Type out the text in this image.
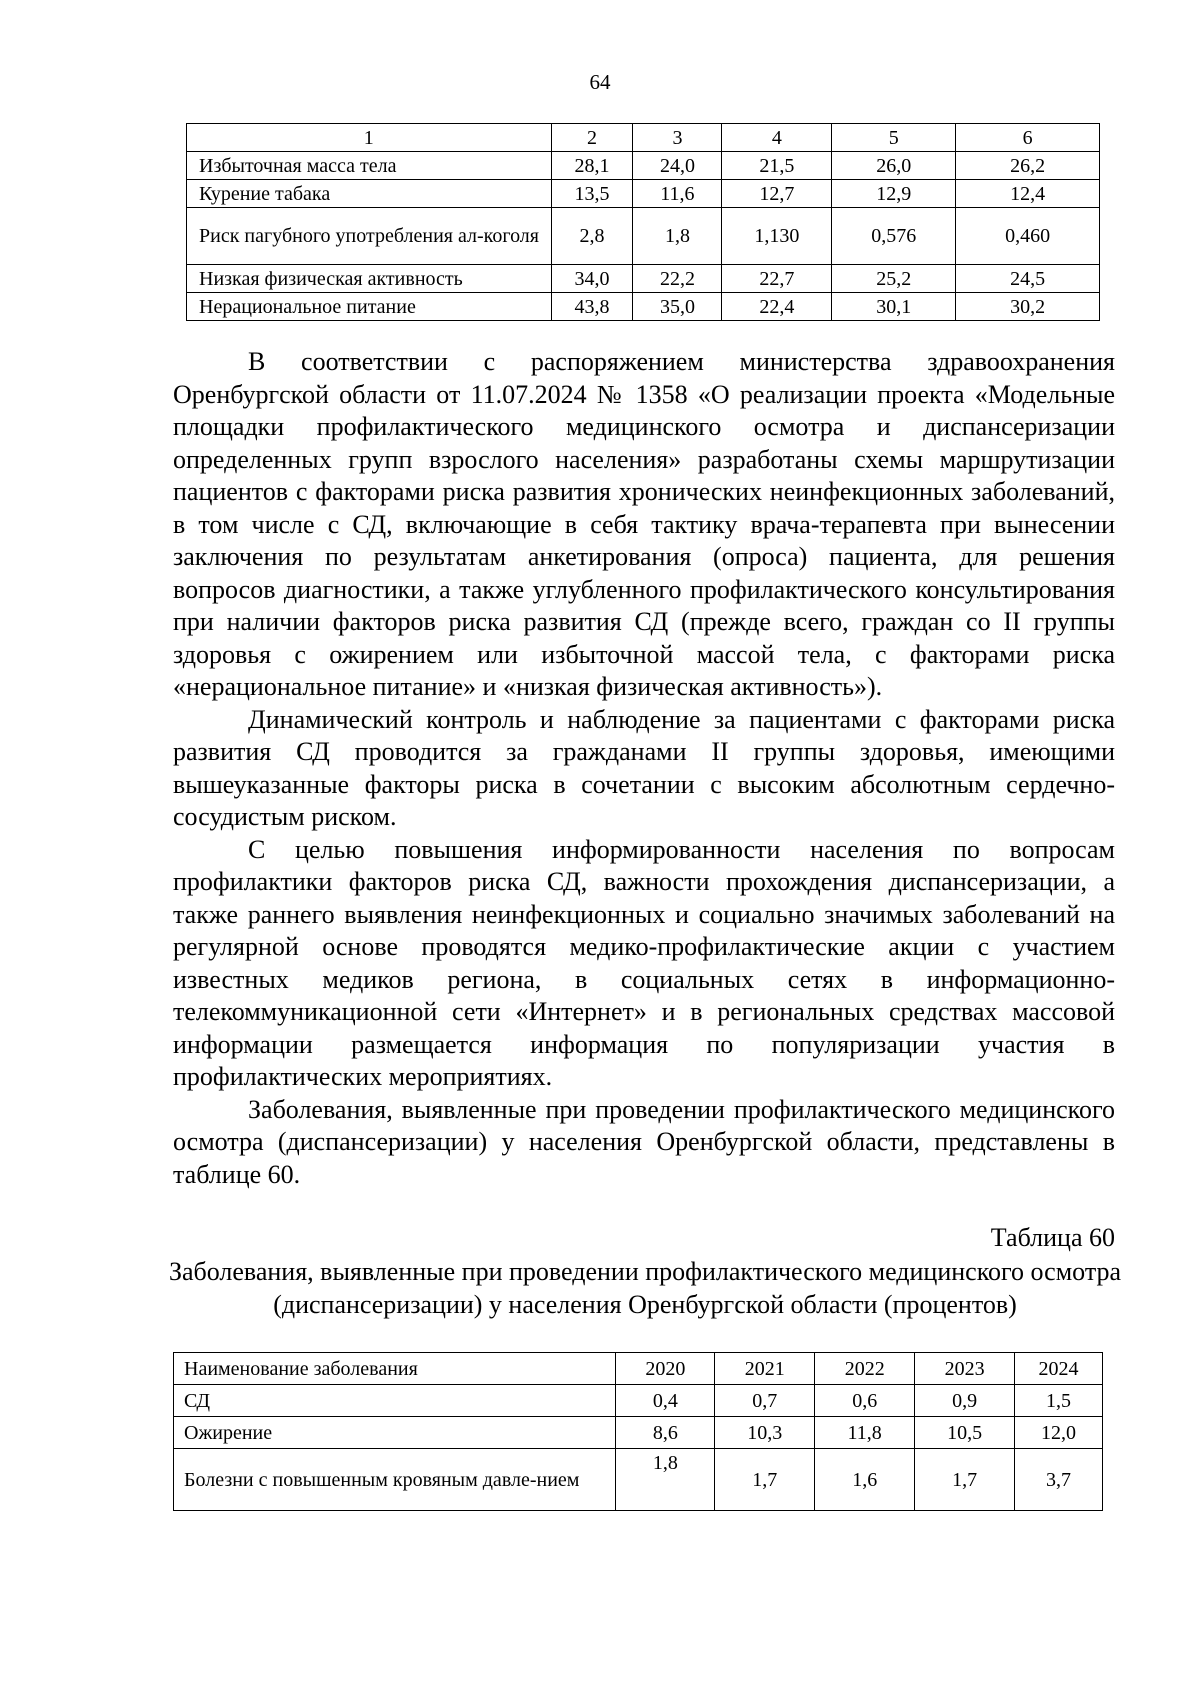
64
1	2	3	4	5	6
Избыточная масса тела	28,1	24,0	21,5	26,0	26,2
Курение табака	13,5	11,6	12,7	12,9	12,4
Риск пагубного употребления ал-коголя	2,8	1,8	1,130	0,576	0,460
Низкая физическая активность	34,0	22,2	22,7	25,2	24,5
Нерациональное питание	43,8	35,0	22,4	30,1	30,2

В соответствии с распоряжением министерства здравоохранения Оренбургской области от 11.07.2024 № 1358 «О реализации проекта «Модельные площадки профилактического медицинского осмотра и диспансеризации определенных групп взрослого населения» разработаны схемы маршрутизации пациентов с факторами риска развития хронических неинфекционных заболеваний, в том числе с СД, включающие в себя тактику врача-терапевта при вынесении заключения по результатам анкетирования (опроса) пациента, для решения вопросов диагностики, а также углубленного профилактического консультирования при наличии факторов риска развития СД (прежде всего, граждан со II группы здоровья с ожирением или избыточной массой тела, с факторами риска «нерациональное питание» и «низкая физическая активность»).

Динамический контроль и наблюдение за пациентами с факторами риска развития СД проводится за гражданами II группы здоровья, имеющими вышеуказанные факторы риска в сочетании с высоким абсолютным сердечно-сосудистым риском.

С целью повышения информированности населения по вопросам профилактики факторов риска СД, важности прохождения диспансеризации, а также раннего выявления неинфекционных и социально значимых заболеваний на регулярной основе проводятся медико-профилактические акции с участием известных медиков региона, в социальных сетях в информационно-телекоммуникационной сети «Интернет» и в региональных средствах массовой информации размещается информация по популяризации участия в профилактических мероприятиях.

Заболевания, выявленные при проведении профилактического медицинского осмотра (диспансеризации) у населения Оренбургской области, представлены в таблице 60.

Таблица 60
Заболевания, выявленные при проведении профилактического медицинского осмотра (диспансеризации) у населения Оренбургской области (процентов)
Наименование заболевания	2020	2021	2022	2023	2024
СД	0,4	0,7	0,6	0,9	1,5
Ожирение	8,6	10,3	11,8	10,5	12,0
Болезни с повышенным кровяным давле-нием	1,8	1,7	1,6	1,7	3,7
